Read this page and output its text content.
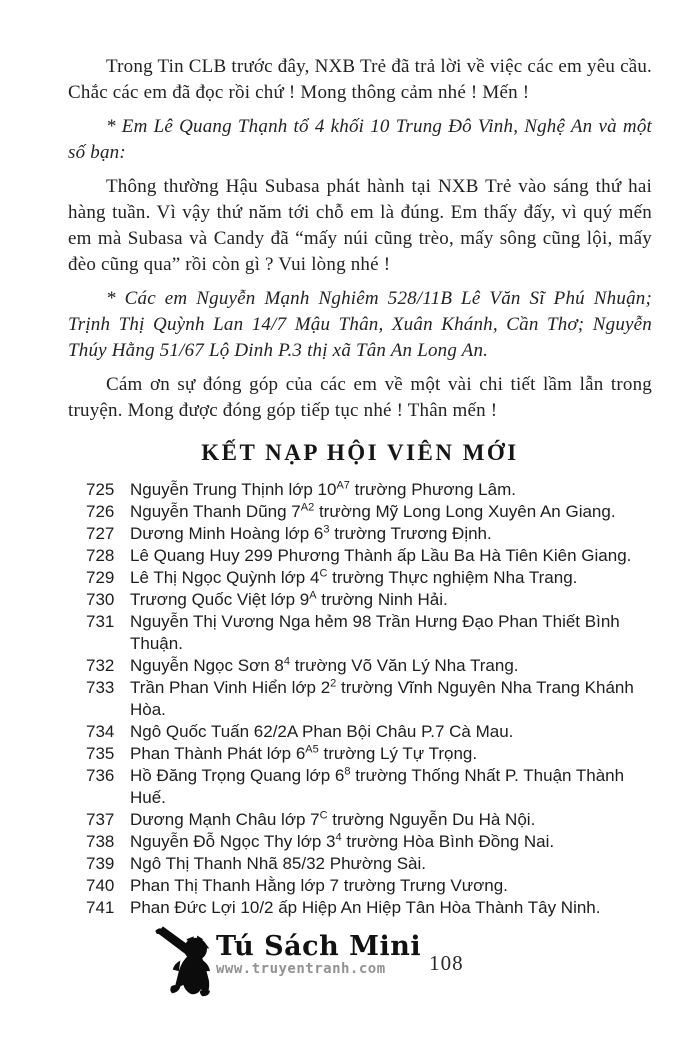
Trong Tin CLB trước đây, NXB Trẻ đã trả lời về việc các em yêu cầu. Chắc các em đã đọc rồi chứ ! Mong thông cảm nhé ! Mến !

* Em Lê Quang Thạnh tổ 4 khối 10 Trung Đô Vinh, Nghệ An và một số bạn:

Thông thường Hậu Subasa phát hành tại NXB Trẻ vào sáng thứ hai hàng tuần. Vì vậy thứ năm tới chỗ em là đúng. Em thấy đấy, vì quý mến em mà Subasa và Candy đã “mấy núi cũng trèo, mấy sông cũng lội, mấy đèo cũng qua” rồi còn gì ? Vui lòng nhé !

* Các em Nguyễn Mạnh Nghiêm 528/11B Lê Văn Sĩ Phú Nhuận; Trịnh Thị Quỳnh Lan 14/7 Mậu Thân, Xuân Khánh, Cần Thơ; Nguyễn Thúy Hằng 51/67 Lộ Dinh P.3 thị xã Tân An Long An.

Cám ơn sự đóng góp của các em về một vài chi tiết lầm lẫn trong truyện. Mong được đóng góp tiếp tục nhé ! Thân mến !

KẾT NẠP HỘI VIÊN MỚI
725 Nguyễn Trung Thịnh lớp $10^{A7}$ trường Phương Lâm.
726 Nguyễn Thanh Dũng $7^{A2}$ trường Mỹ Long Long Xuyên An Giang.
727 Dương Minh Hoàng lớp $6^3$ trường Trương Định.
728 Lê Quang Huy 299 Phương Thành ấp Lầu Ba Hà Tiên Kiên Giang.
729 Lê Thị Ngọc Quỳnh lớp $4^C$ trường Thực nghiệm Nha Trang.
730 Trương Quốc Việt lớp $9^A$ trường Ninh Hải.
731 Nguyễn Thị Vương Nga hẻm 98 Trần Hưng Đạo Phan Thiết Bình Thuận.
732 Nguyễn Ngọc Sơn $8^4$ trường Võ Văn Lý Nha Trang.
733 Trần Phan Vinh Hiển lớp $2^2$ trường Vĩnh Nguyên Nha Trang Khánh Hòa.
734 Ngô Quốc Tuấn 62/2A Phan Bội Châu P.7 Cà Mau.
735 Phan Thành Phát lớp $6^{A5}$ trường Lý Tự Trọng.
736 Hồ Đăng Trọng Quang lớp $6^8$ trường Thống Nhất P. Thuận Thành Huế.
737 Dương Mạnh Châu lớp $7^C$ trường Nguyễn Du Hà Nội.
738 Nguyễn Đỗ Ngọc Thy lớp $3^4$ trường Hòa Bình Đồng Nai.
739 Ngô Thị Thanh Nhã 85/32 Phường Sài.
740 Phan Thị Thanh Hằng lớp 7 trường Trưng Vương.
741 Phan Đức Lợi 10/2 ấp Hiệp An Hiệp Tân Hòa Thành Tây Ninh.
Tú Sách Mini
www.truyentranh.com	108
